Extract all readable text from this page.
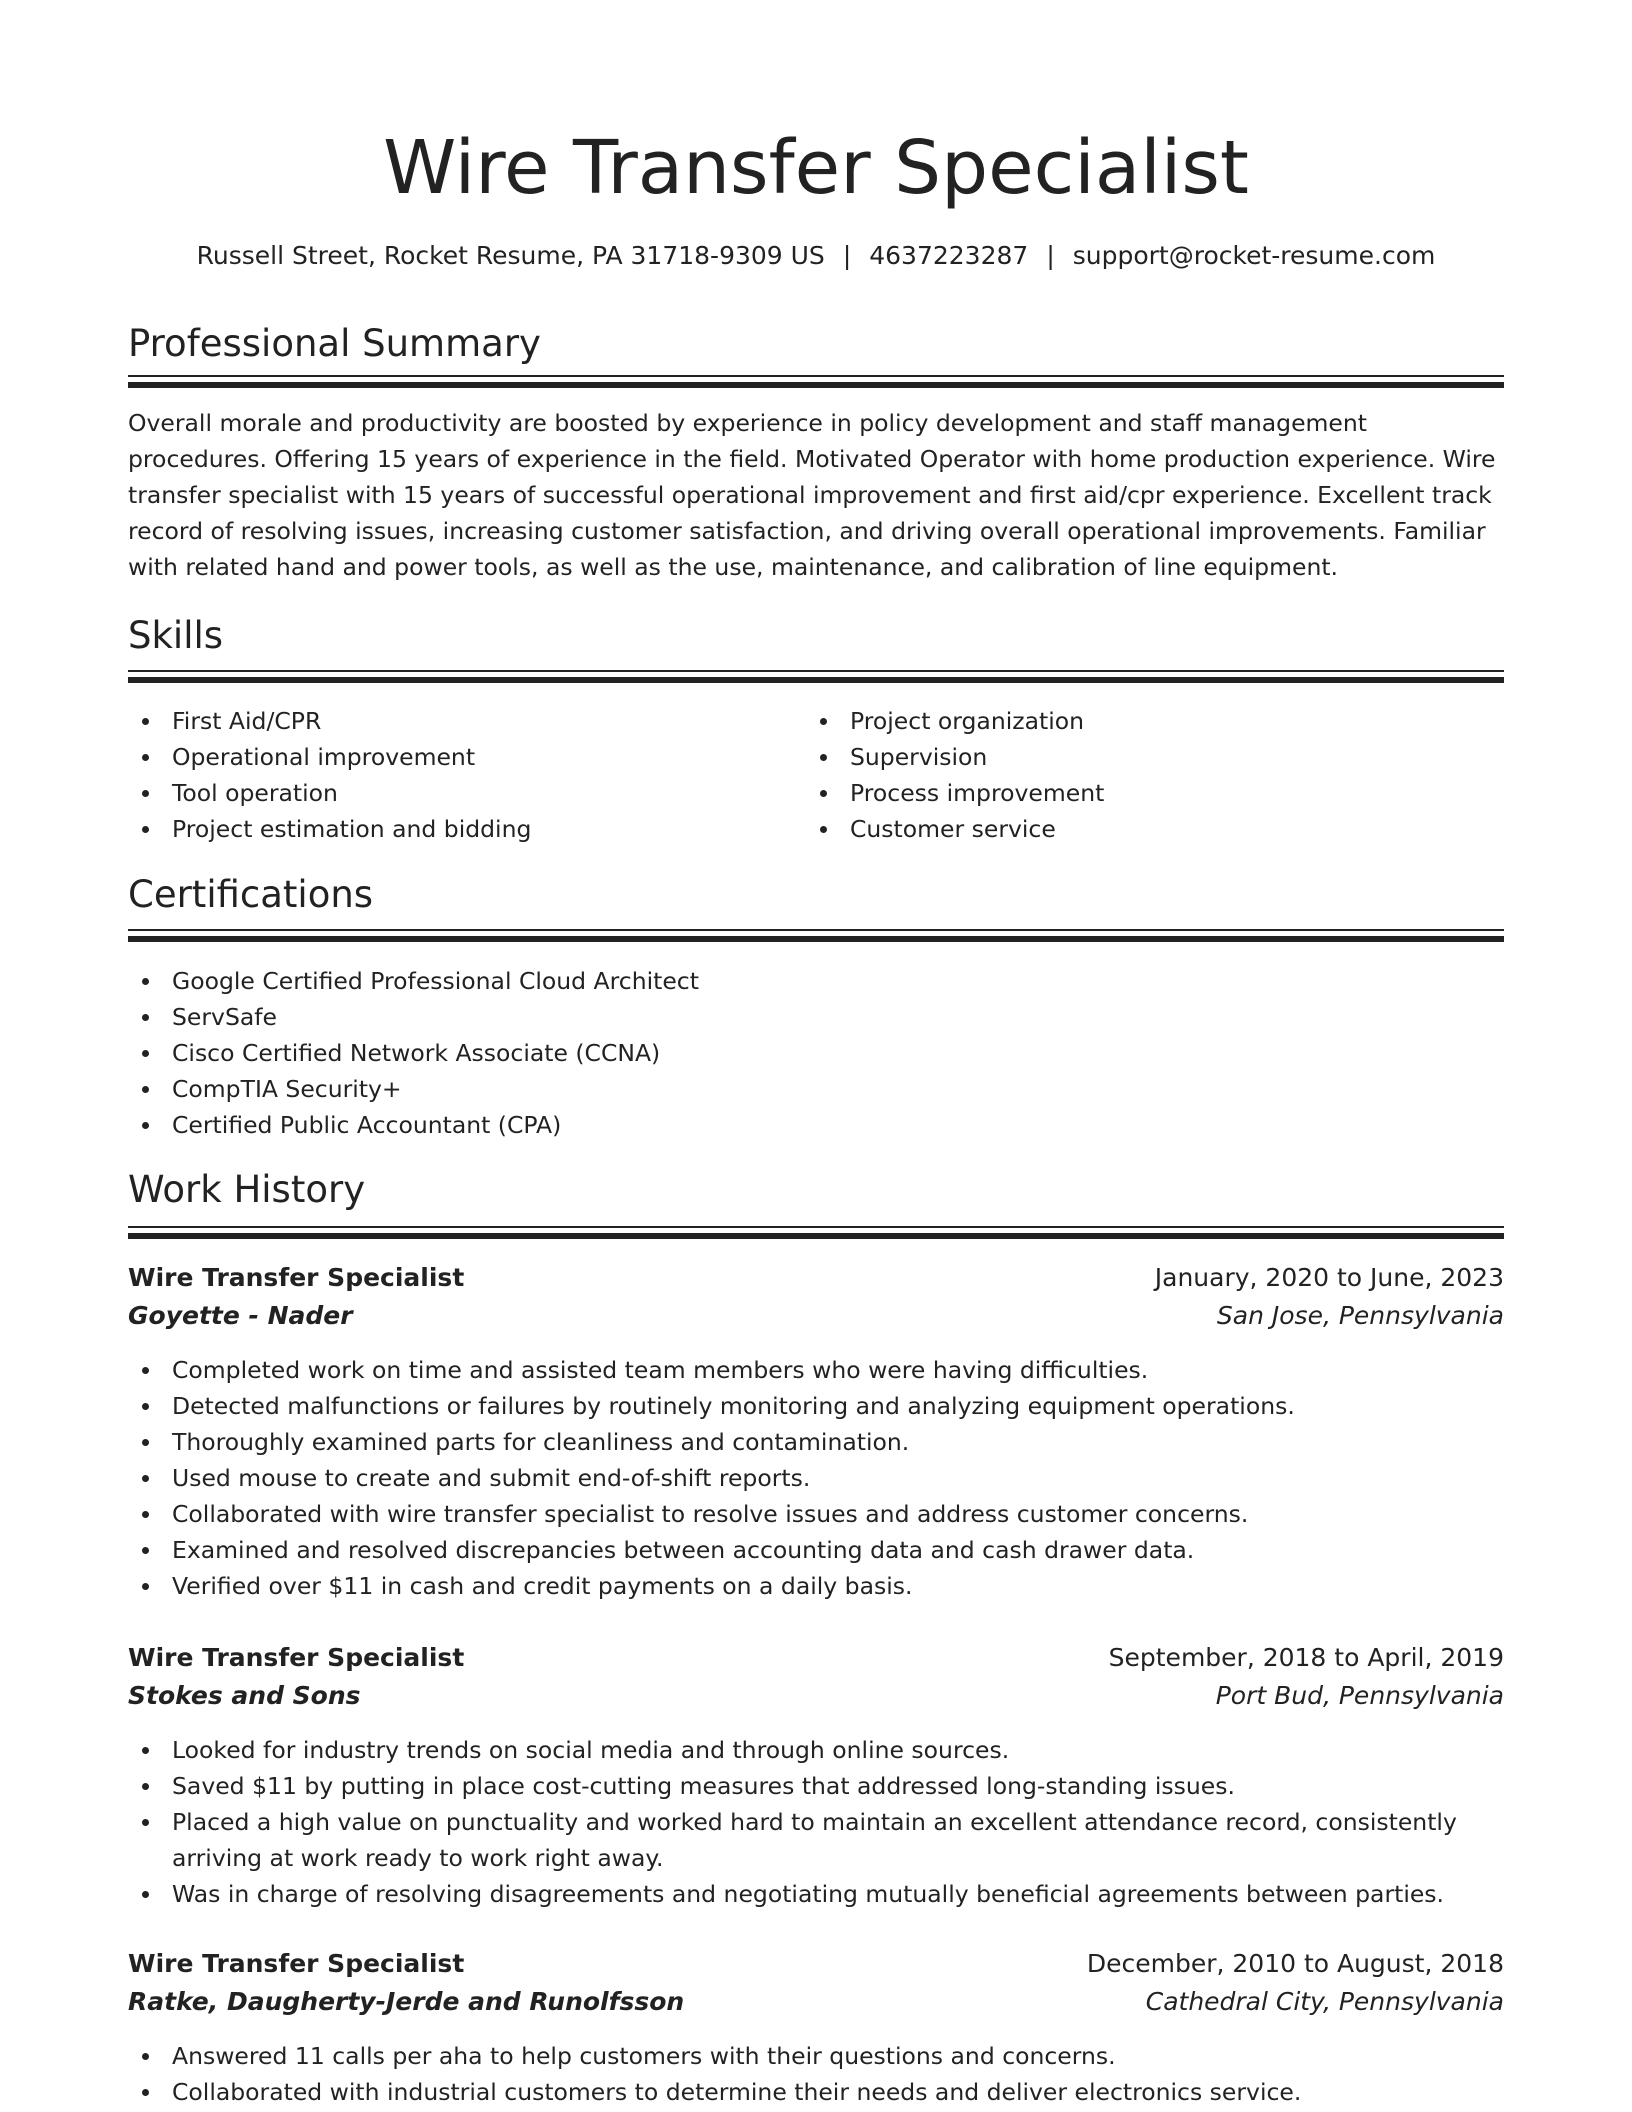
Wire Transfer Specialist
Russell Street, Rocket Resume, PA 31718-9309 US | 4637223287 | support@rocket-resume.com
Professional Summary

Overall morale and productivity are boosted by experience in policy development and staff management procedures. Offering 15 years of experience in the field. Motivated Operator with home production experience. Wire transfer specialist with 15 years of successful operational improvement and first aid/cpr experience. Excellent track record of resolving issues, increasing customer satisfaction, and driving overall operational improvements. Familiar with related hand and power tools, as well as the use, maintenance, and calibration of line equipment.

Skills
First Aid/CPR
Operational improvement
Tool operation
Project estimation and bidding
Project organization
Supervision
Process improvement
Customer service
Certifications
Google Certified Professional Cloud Architect
ServSafe
Cisco Certified Network Associate (CCNA)
CompTIA Security+
Certified Public Accountant (CPA)
Work History
Wire Transfer Specialist	January, 2020 to June, 2023
Goyette - Nader	San Jose, Pennsylvania
Completed work on time and assisted team members who were having difficulties.
Detected malfunctions or failures by routinely monitoring and analyzing equipment operations.
Thoroughly examined parts for cleanliness and contamination.
Used mouse to create and submit end-of-shift reports.
Collaborated with wire transfer specialist to resolve issues and address customer concerns.
Examined and resolved discrepancies between accounting data and cash drawer data.
Verified over $11 in cash and credit payments on a daily basis.
Wire Transfer Specialist	September, 2018 to April, 2019
Stokes and Sons	Port Bud, Pennsylvania
Looked for industry trends on social media and through online sources.
Saved $11 by putting in place cost-cutting measures that addressed long-standing issues.
Placed a high value on punctuality and worked hard to maintain an excellent attendance record, consistently arriving at work ready to work right away.
Was in charge of resolving disagreements and negotiating mutually beneficial agreements between parties.
Wire Transfer Specialist	December, 2010 to August, 2018
Ratke, Daugherty-Jerde and Runolfsson	Cathedral City, Pennsylvania
Answered 11 calls per aha to help customers with their questions and concerns.
Collaborated with industrial customers to determine their needs and deliver electronics service.
